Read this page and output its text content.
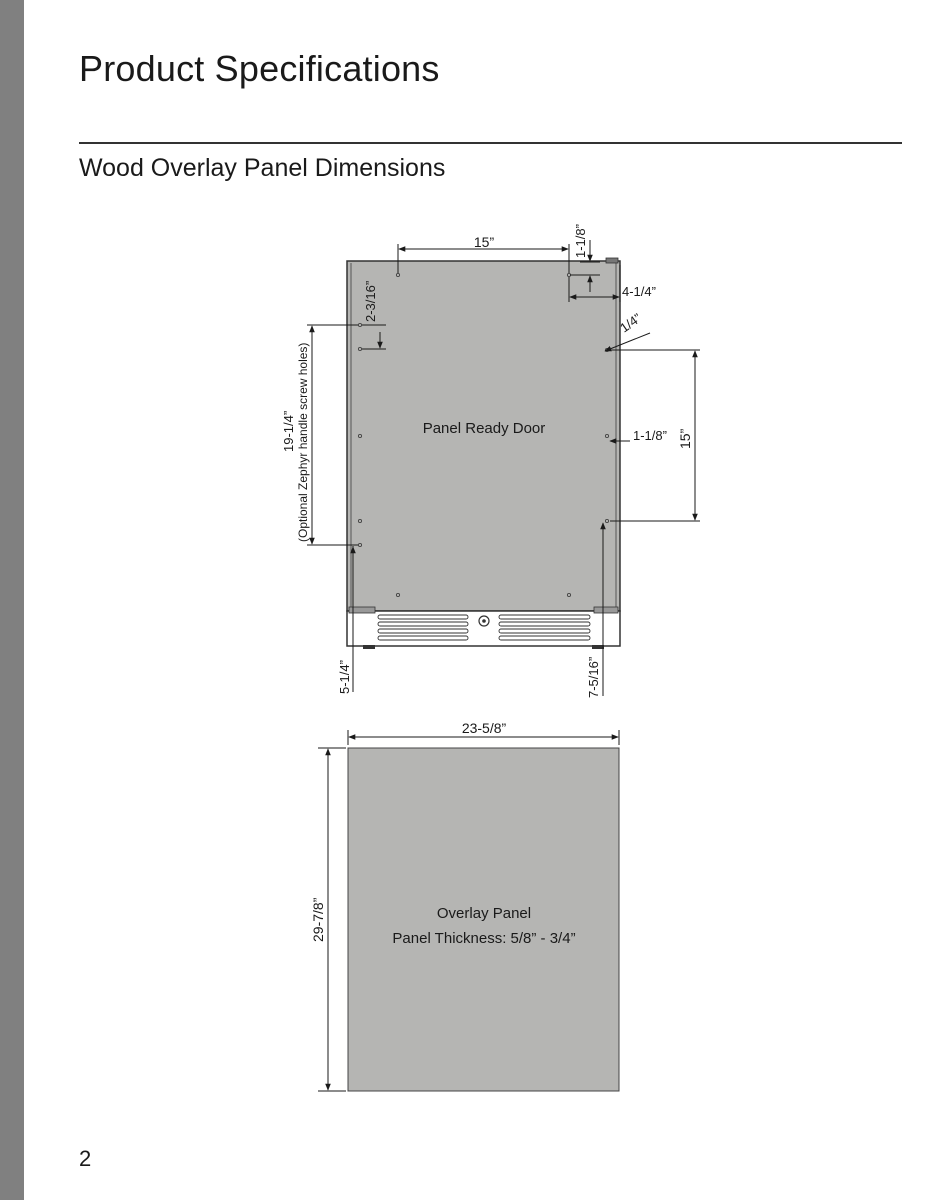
Product Specifications
Wood Overlay Panel Dimensions
Panel Ready Door
15”	1-1/8”
4-1/4”
1/4”
1-1/8” 15”
2-3/16”
19-1/4” (Optional Zephyr handle screw holes)
5-1/4”	7-5/16”
23-5/8”
29-7/8”	Overlay Panel
Panel Thickness: 5/8” - 3/4”
2
